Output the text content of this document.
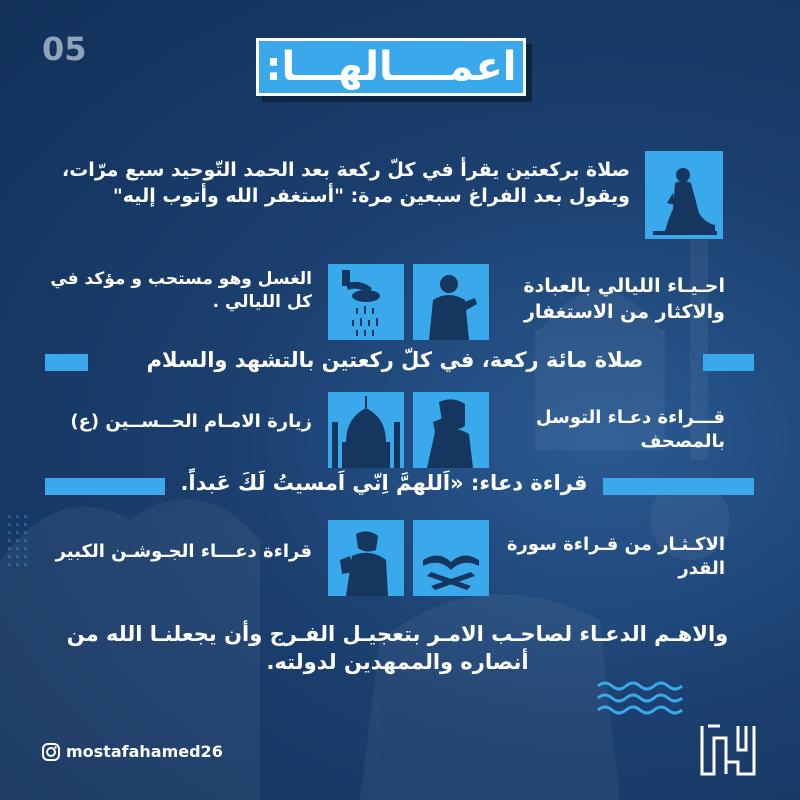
05	اعمــــالهـــا:
صلاة بركعتين يقرأ في كلّ ركعة بعد الحمد التّوحيد سبع مرّات، ويقول بعد الفراغ سبعين مرة: "أستغفر الله وأتوب إليه"
احـيـاء الليالي بالعبادة والاكثار من الاستغفار
الغسل وهو مستحب و مؤكد في كل الليالي .
صلاة مائة ركعة، في كلّ ركعتين بالتشهد والسلام
قـــراءة دعـاء التوسل بالمصحف
زيارة الامـام الحــســين (ع)
قراءة دعاء: «اَللهمَّ اِنّي اَمسيتُ لَكَ عَبداً.
الاكـثـار من قـراءة سورة القدر
قراءة دعـــاء الجـوشـن الكبير
والاهـم الدعـاء لصاحـب الامـر بتعجيـل الفـرج وأن يجعلنـا الله من أنصاره والممهدين لدولته.
mostafahamed26
